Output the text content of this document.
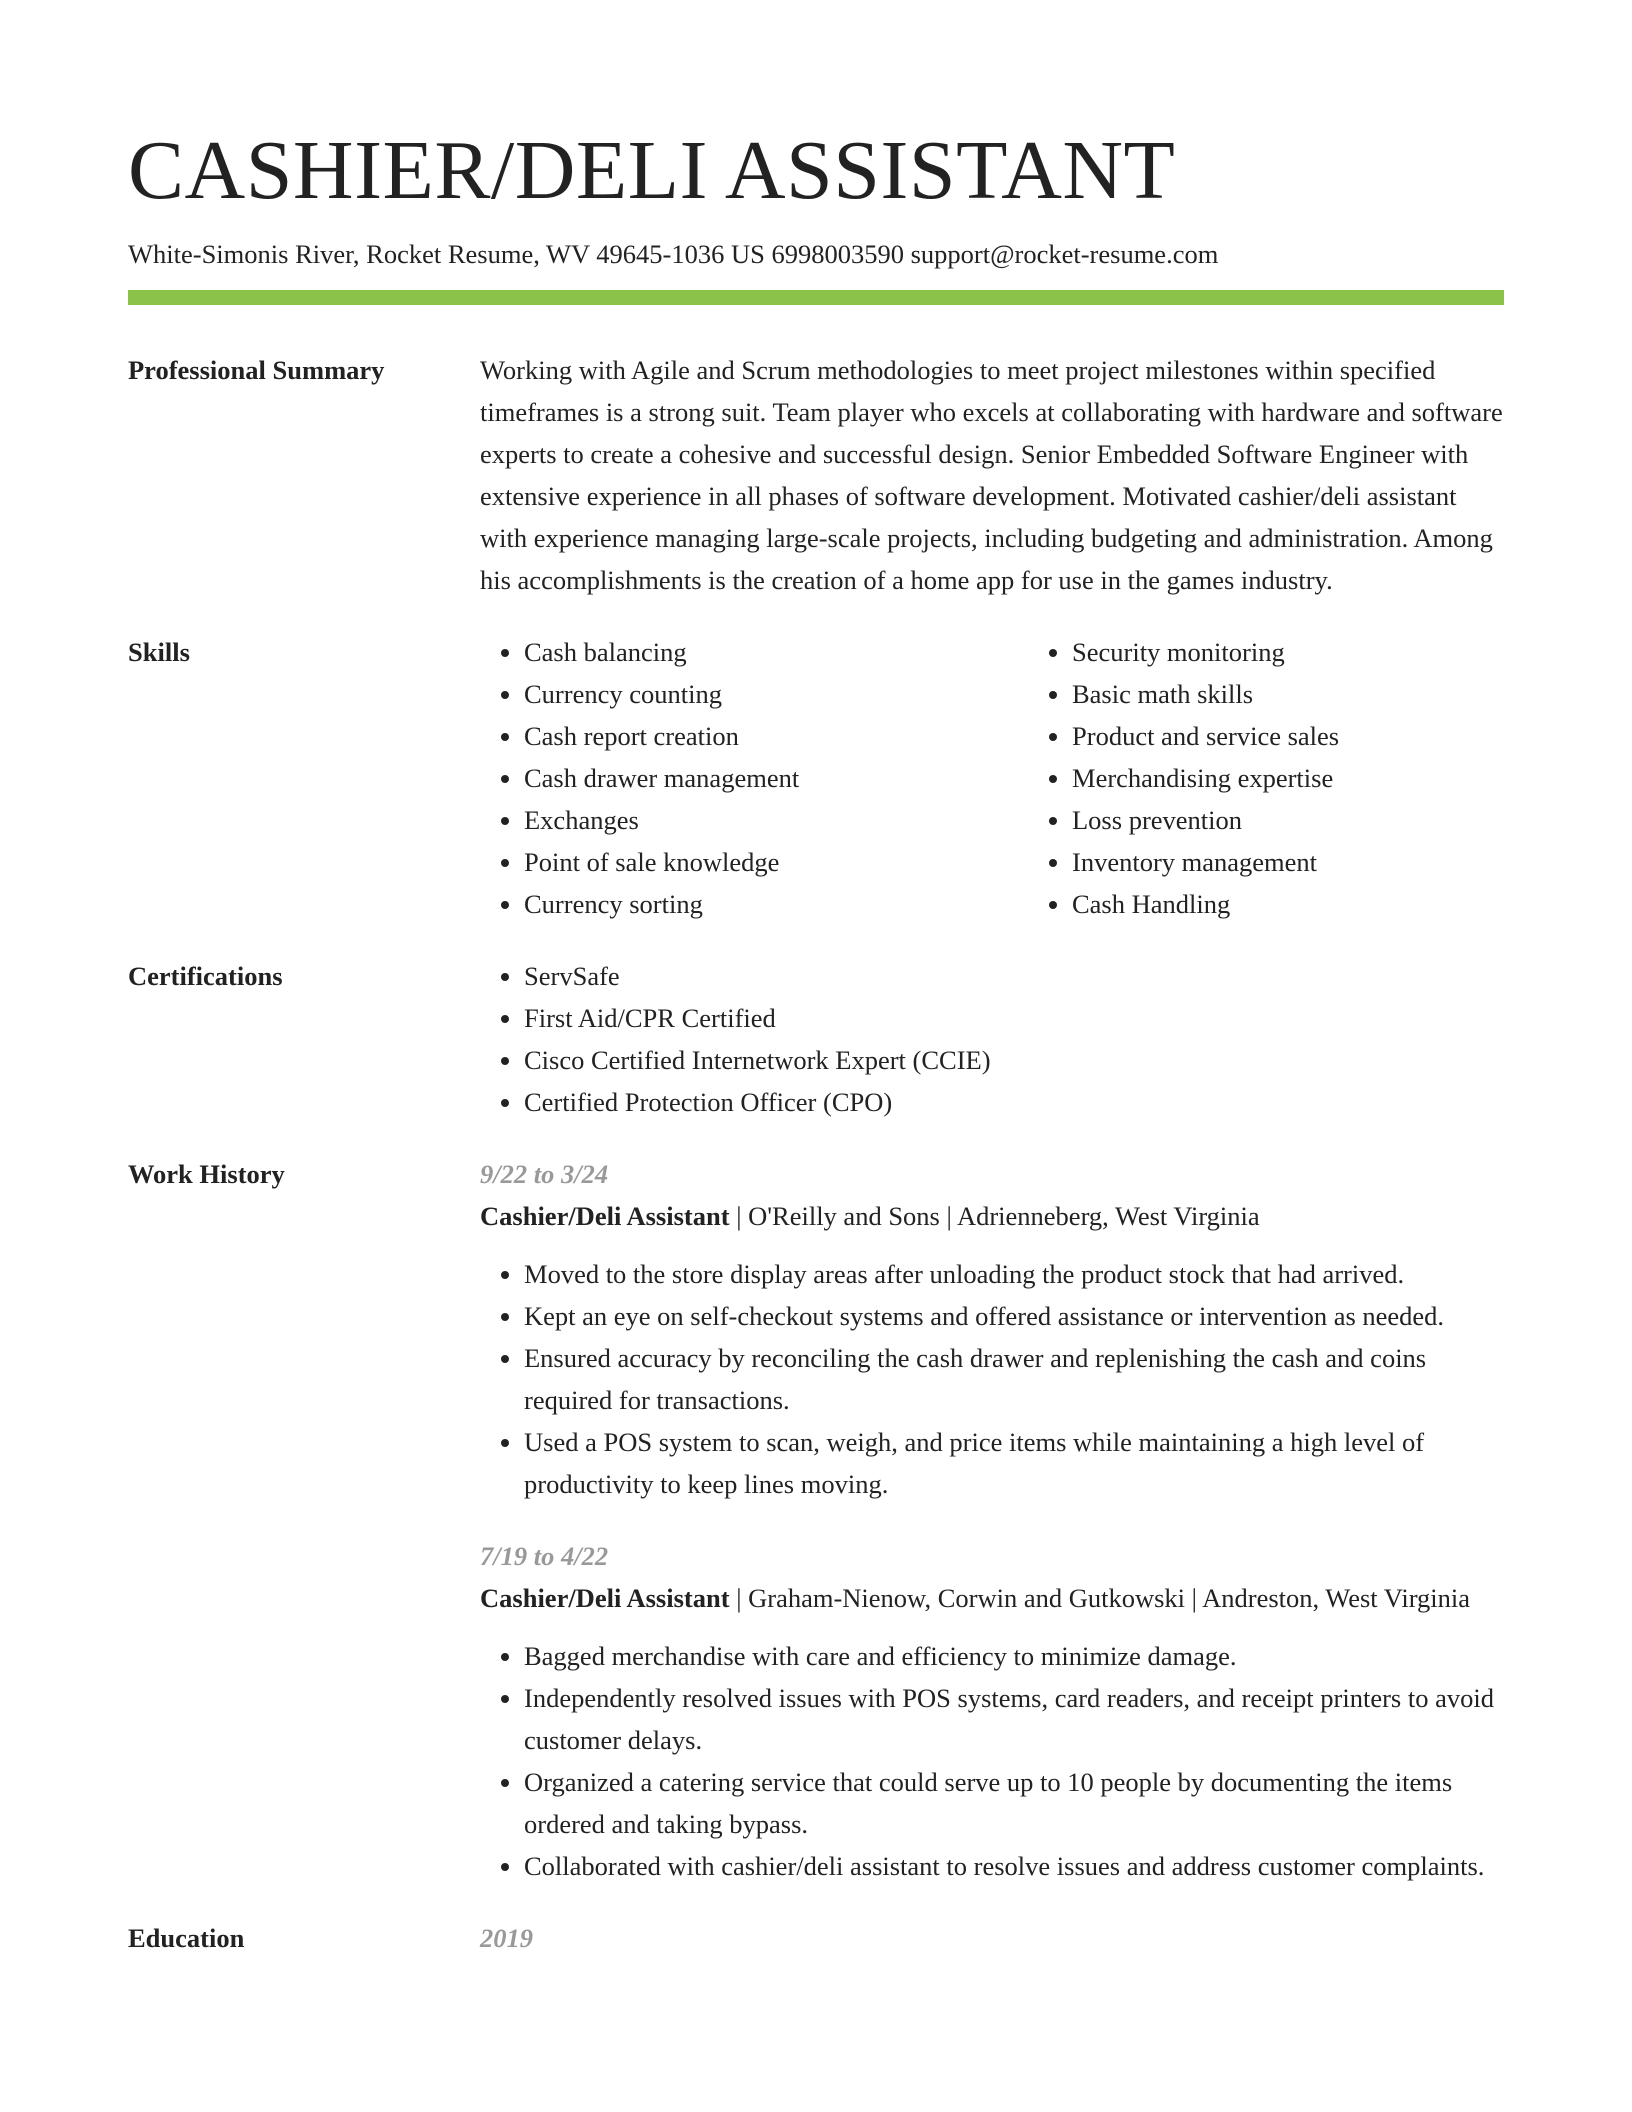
CASHIER/DELI ASSISTANT
White-Simonis River, Rocket Resume, WV 49645-1036 US 6998003590 support@rocket-resume.com
Professional Summary	Working with Agile and Scrum methodologies to meet project milestones within specified timeframes is a strong suit. Team player who excels at collaborating with hardware and software experts to create a cohesive and successful design. Senior Embedded Software Engineer with extensive experience in all phases of software development. Motivated cashier/deli assistant with experience managing large-scale projects, including budgeting and administration. Among his accomplishments is the creation of a home app for use in the games industry.
Skills	• Cash balancing
• Currency counting
• Cash report creation
• Cash drawer management
• Exchanges
• Point of sale knowledge
• Currency sorting
• Security monitoring
• Basic math skills
• Product and service sales
• Merchandising expertise
• Loss prevention
• Inventory management
• Cash Handling
Certifications	• ServSafe
• First Aid/CPR Certified
• Cisco Certified Internetwork Expert (CCIE)
• Certified Protection Officer (CPO)
Work History	9/22 to 3/24
Cashier/Deli Assistant | O'Reilly and Sons | Adrienneberg, West Virginia
• Moved to the store display areas after unloading the product stock that had arrived.
• Kept an eye on self-checkout systems and offered assistance or intervention as needed.
• Ensured accuracy by reconciling the cash drawer and replenishing the cash and coins required for transactions.
• Used a POS system to scan, weigh, and price items while maintaining a high level of productivity to keep lines moving.
7/19 to 4/22
Cashier/Deli Assistant | Graham-Nienow, Corwin and Gutkowski | Andreston, West Virginia
• Bagged merchandise with care and efficiency to minimize damage.
• Independently resolved issues with POS systems, card readers, and receipt printers to avoid customer delays.
• Organized a catering service that could serve up to 10 people by documenting the items ordered and taking bypass.
• Collaborated with cashier/deli assistant to resolve issues and address customer complaints.
Education	2019
